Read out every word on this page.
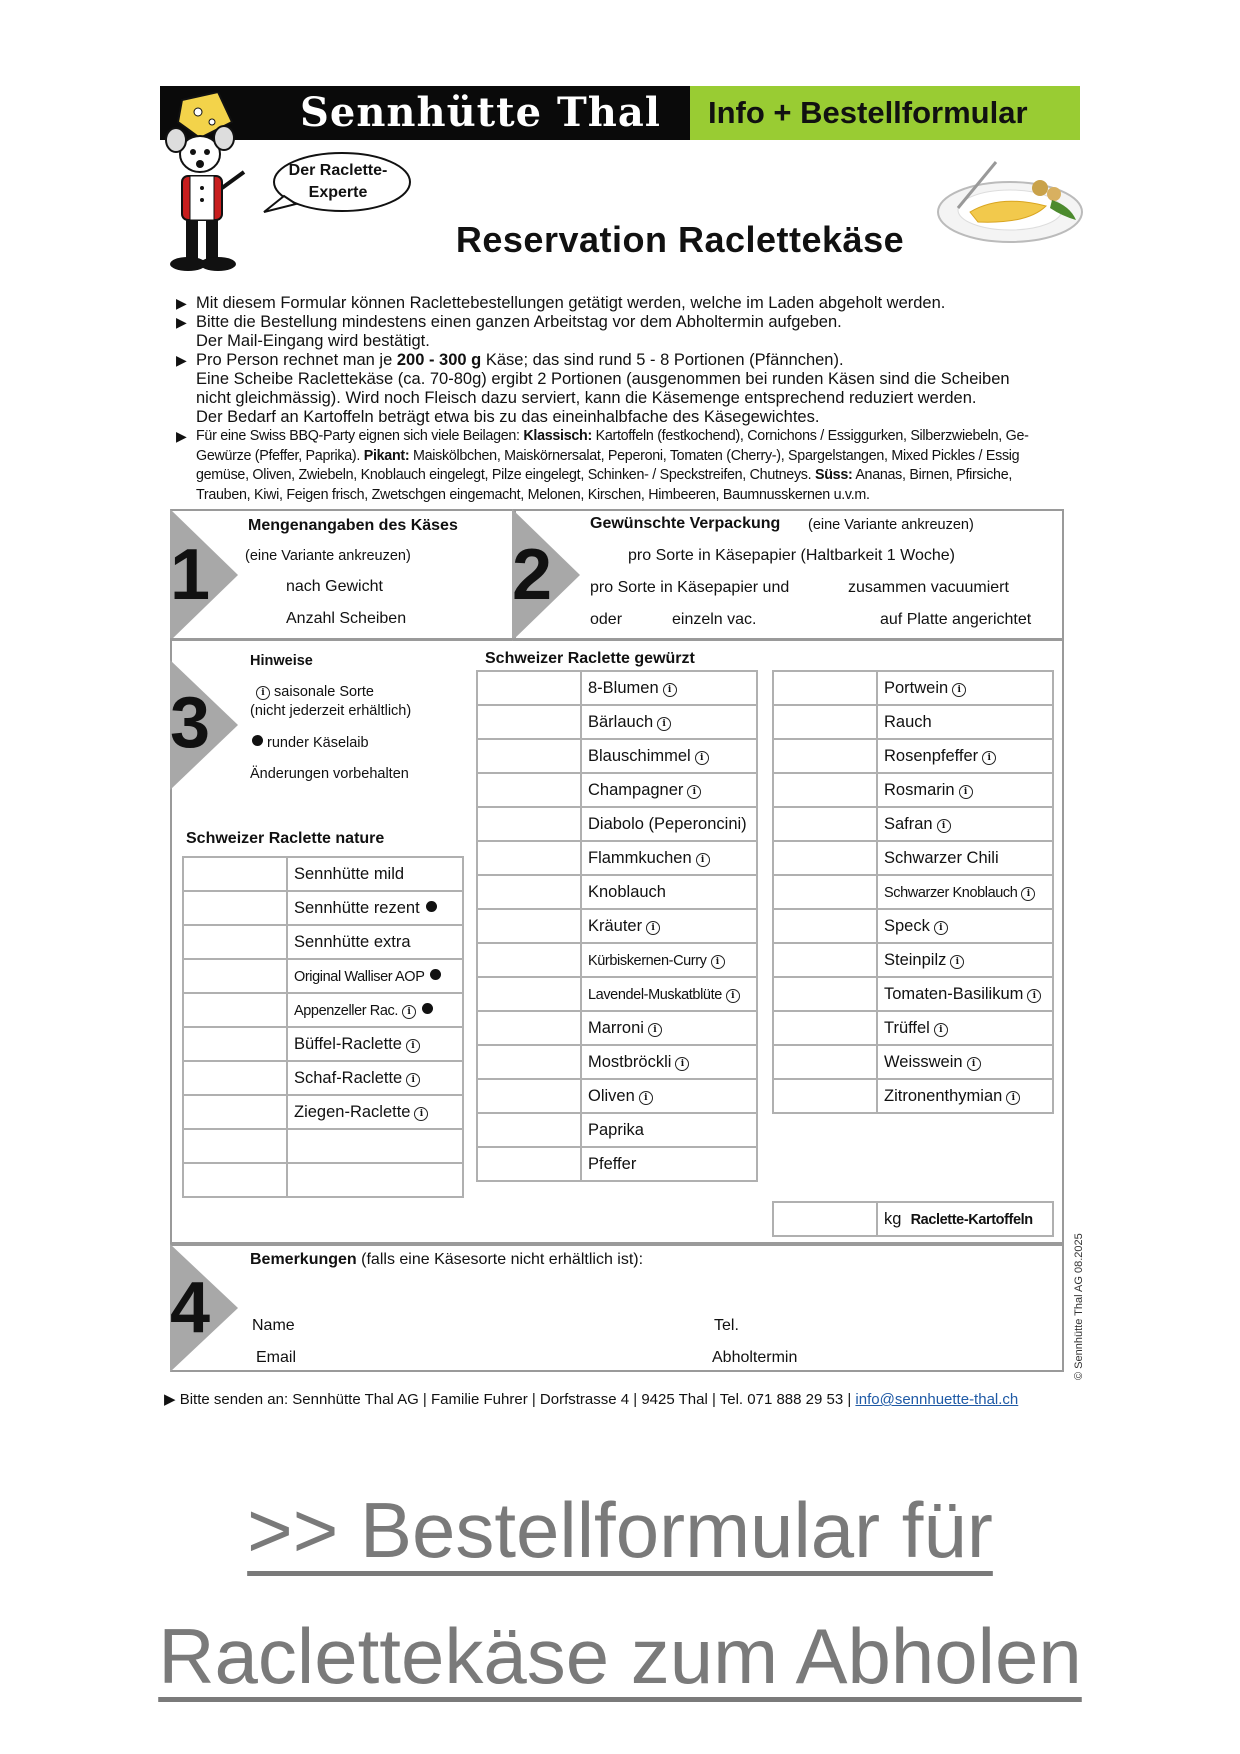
Sennhütte Thal	Info + Bestellformular
Der Raclette-
Experte
Reservation Raclettekäse

▶ Mit diesem Formular können Raclettebestellungen getätigt werden, welche im Laden abgeholt werden.

▶ Bitte die Bestellung mindestens einen ganzen Arbeitstag vor dem Abholtermin aufgeben.
Der Mail-Eingang wird bestätigt.

▶ Pro Person rechnet man je 200 - 300 g Käse; das sind rund 5 - 8 Portionen (Pfännchen).
Eine Scheibe Raclettekäse (ca. 70-80g) ergibt 2 Portionen (ausgenommen bei runden Käsen sind die Scheiben
nicht gleichmässig). Wird noch Fleisch dazu serviert, kann die Käsemenge entsprechend reduziert werden.
Der Bedarf an Kartoffeln beträgt etwa bis zu das eineinhalbfache des Käsegewichtes.

▶ Für eine Swiss BBQ-Party eignen sich viele Beilagen: Klassisch: Kartoffeln (festkochend), Cornichons / Essiggurken, Silberzwiebeln, Ge-
Gewürze (Pfeffer, Paprika). Pikant: Maiskölbchen, Maiskörnersalat, Peperoni, Tomaten (Cherry-), Spargelstangen, Mixed Pickles / Essig
gemüse, Oliven, Zwiebeln, Knoblauch eingelegt, Pilze eingelegt, Schinken- / Speckstreifen, Chutneys. Süss: Ananas, Birnen, Pfirsiche,
Trauben, Kiwi, Feigen frisch, Zwetschgen eingemacht, Melonen, Kirschen, Himbeeren, Baumnusskernen u.v.m.

1
Mengenangaben des Käses
(eine Variante ankreuzen)
nach Gewicht
Anzahl Scheiben
2
Gewünschte Verpackung (eine Variante ankreuzen)
pro Sorte in Käsepapier (Haltbarkeit 1 Woche)
pro Sorte in Käsepapier und	zusammen vacuumiert
oder	einzeln vac.	auf Platte angerichtet
3
Hinweise
i saisonale Sorte
(nicht jederzeit erhältlich)
runder Käselaib
Änderungen vorbehalten
Schweizer Raclette nature
Schweizer Raclette gewürzt
	Sennhütte mild
	Sennhütte rezent
	Sennhütte extra
	Original Walliser AOP
	Appenzeller Rac. i
	Büffel-Raclette i
	Schaf-Raclette i
	Ziegen-Raclette i

	8-Blumen i
	Bärlauch i
	Blauschimmel i
	Champagner i
	Diabolo (Peperoncini)
	Flammkuchen i
	Knoblauch
	Kräuter i
	Kürbiskernen-Curry i
	Lavendel-Muskatblüte i
	Marroni i
	Mostbröckli i
	Oliven i
	Paprika
	Pfeffer
	Portwein i
	Rauch
	Rosenpfeffer i
	Rosmarin i
	Safran i
	Schwarzer Chili
	Schwarzer Knoblauch i
	Speck i
	Steinpilz i
	Tomaten-Basilikum i
	Trüffel i
	Weisswein i
	Zitronenthymian i
	kg Raclette-Kartoffeln
4
Bemerkungen (falls eine Käsesorte nicht erhältlich ist):
Name	Tel.
Email	Abholtermin	© Sennhütte Thal AG 08.2025
▶ Bitte senden an: Sennhütte Thal AG | Familie Fuhrer | Dorfstrasse 4 | 9425 Thal | Tel. 071 888 29 53 | info@sennhuette-thal.ch
>> Bestellformular für
Raclettekäse zum Abholen
